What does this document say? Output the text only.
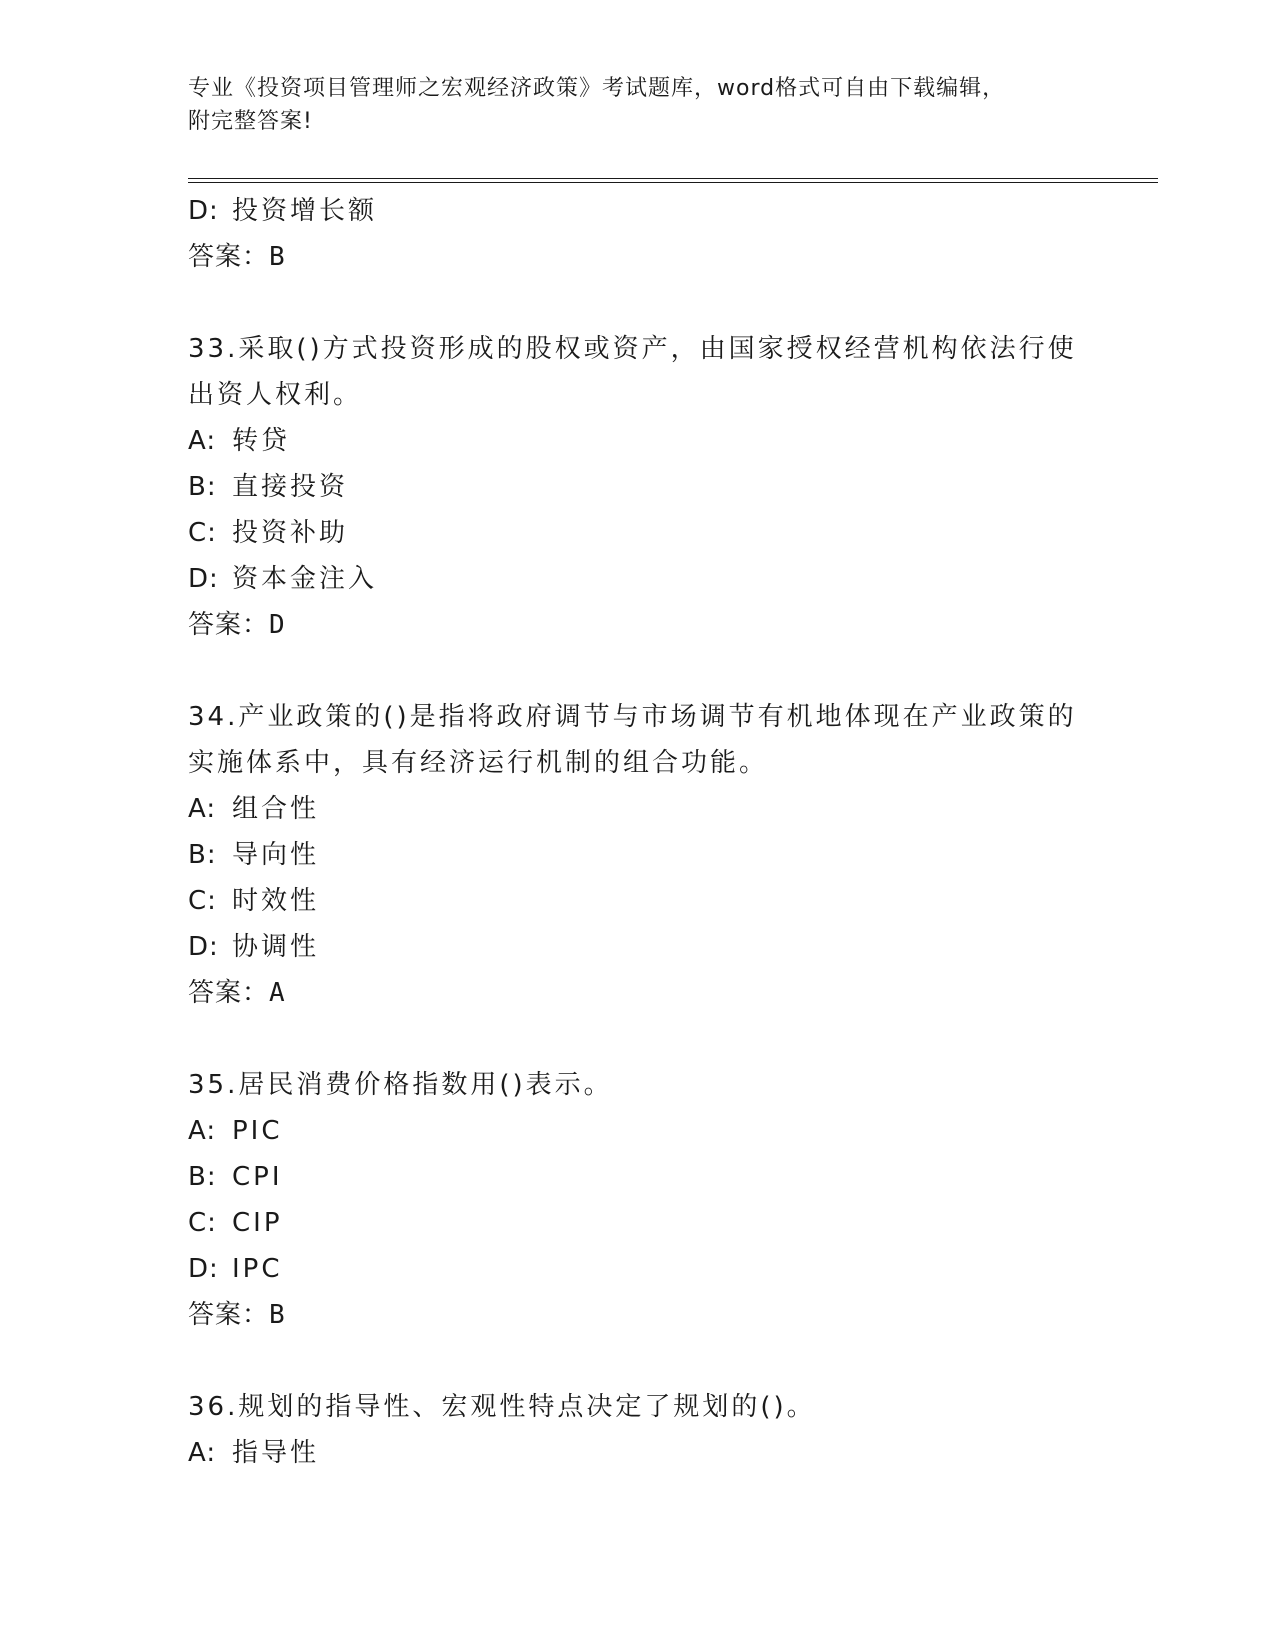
专业《投资项目管理师之宏观经济政策》考试题库，word格式可自由下载编辑，
附完整答案!
D: 投资增长额
答案：B
33.采取()方式投资形成的股权或资产，由国家授权经营机构依法行使
出资人权利。
A: 转贷
B: 直接投资
C: 投资补助
D: 资本金注入
答案：D
34.产业政策的()是指将政府调节与市场调节有机地体现在产业政策的
实施体系中，具有经济运行机制的组合功能。
A: 组合性
B: 导向性
C: 时效性
D: 协调性
答案：A
35.居民消费价格指数用()表示。
A: PIC
B: CPI
C: CIP
D: IPC
答案：B
36.规划的指导性、宏观性特点决定了规划的()。
A: 指导性
